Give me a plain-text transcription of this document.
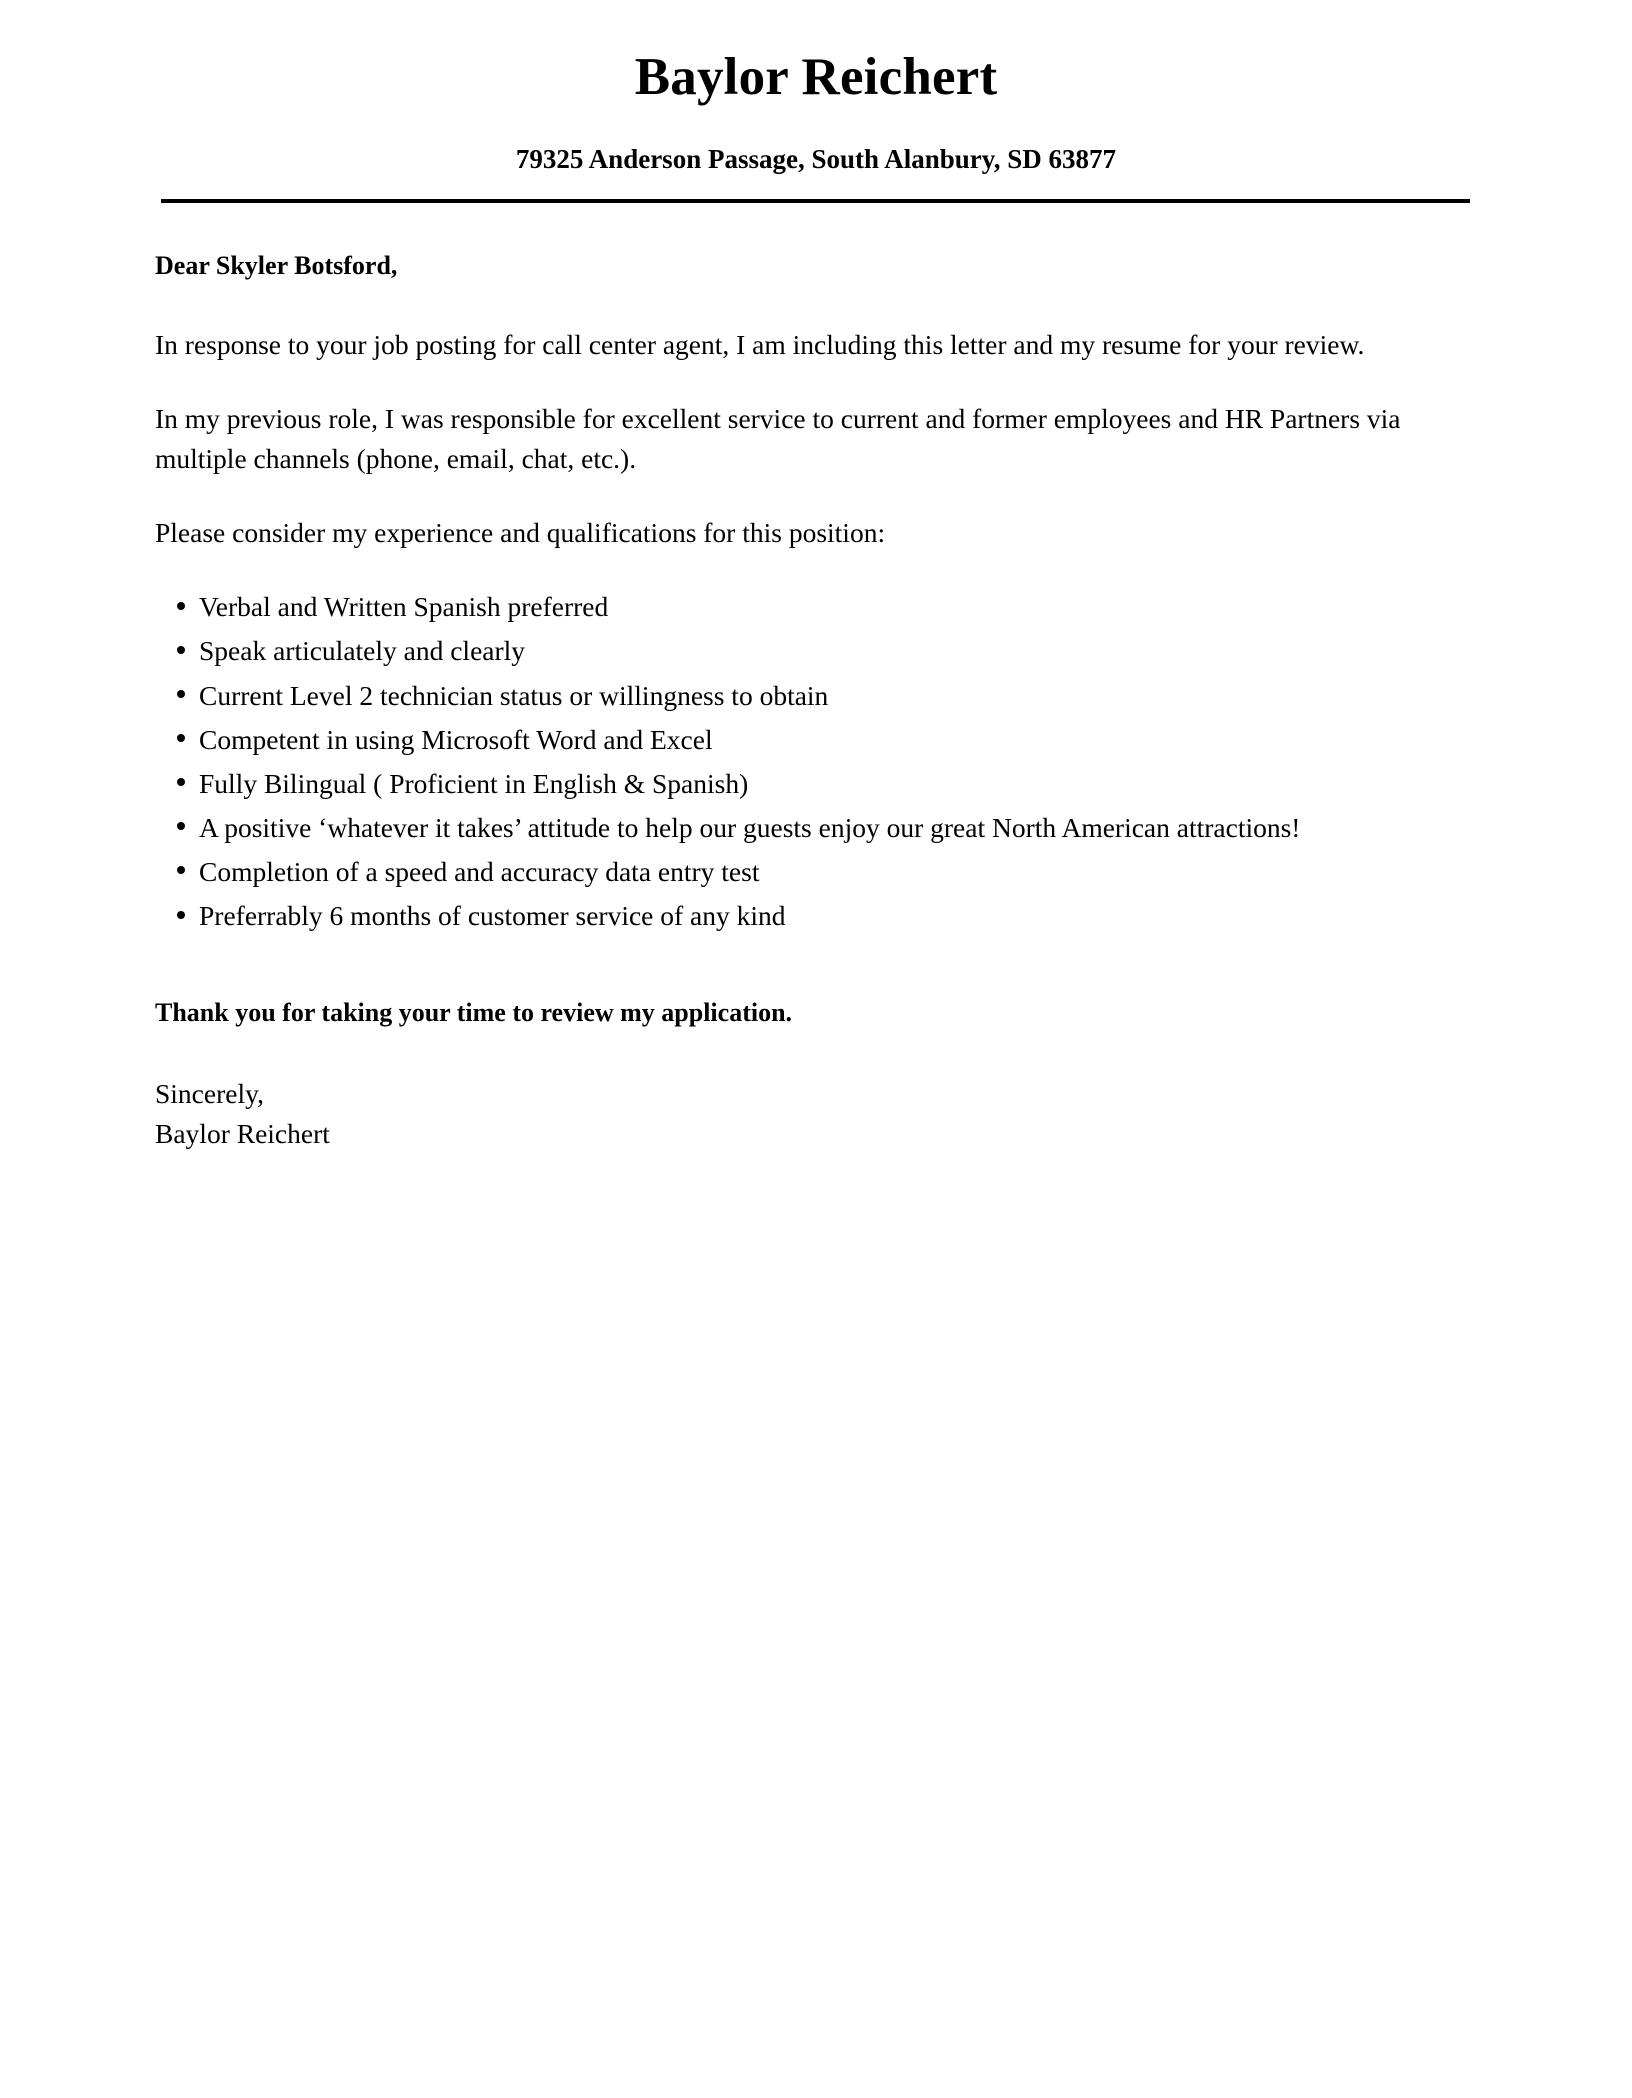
Baylor Reichert
79325 Anderson Passage, South Alanbury, SD 63877

Dear Skyler Botsford,

In response to your job posting for call center agent, I am including this letter and my resume for your review.

In my previous role, I was responsible for excellent service to current and former employees and HR Partners via multiple channels (phone, email, chat, etc.).

Please consider my experience and qualifications for this position:

Verbal and Written Spanish preferred
Speak articulately and clearly
Current Level 2 technician status or willingness to obtain
Competent in using Microsoft Word and Excel
Fully Bilingual ( Proficient in English & Spanish)
A positive ‘whatever it takes’ attitude to help our guests enjoy our great North American attractions!
Completion of a speed and accuracy data entry test
Preferrably 6 months of customer service of any kind

Thank you for taking your time to review my application.

Sincerely,
Baylor Reichert
